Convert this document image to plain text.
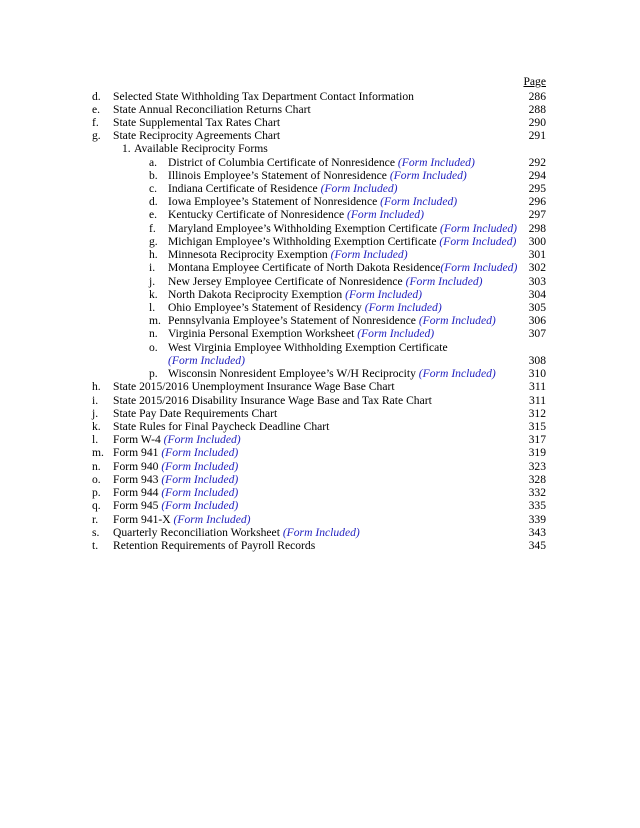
Page
d. Selected State Withholding Tax Department Contact Information	286
e. State Annual Reconciliation Returns Chart	288
f. State Supplemental Tax Rates Chart	290
g. State Reciprocity Agreements Chart	291
1. Available Reciprocity Forms
a. District of Columbia Certificate of Nonresidence (Form Included)	292
b. Illinois Employee’s Statement of Nonresidence (Form Included)	294
c. Indiana Certificate of Residence (Form Included)	295
d. Iowa Employee’s Statement of Nonresidence (Form Included)	296
e. Kentucky Certificate of Nonresidence (Form Included)	297
f. Maryland Employee’s Withholding Exemption Certificate (Form Included)	298
g. Michigan Employee’s Withholding Exemption Certificate (Form Included)	300
h. Minnesota Reciprocity Exemption (Form Included)	301
i. Montana Employee Certificate of North Dakota Residence(Form Included) 302
j. New Jersey Employee Certificate of Nonresidence (Form Included)	303
k. North Dakota Reciprocity Exemption (Form Included)	304
l. Ohio Employee’s Statement of Residency (Form Included)	305
m. Pennsylvania Employee’s Statement of Nonresidence (Form Included)	306
n. Virginia Personal Exemption Worksheet (Form Included)	307
o. West Virginia Employee Withholding Exemption Certificate
(Form Included)	308
p. Wisconsin Nonresident Employee’s W/H Reciprocity (Form Included)	310
h. State 2015/2016 Unemployment Insurance Wage Base Chart	311
i. State 2015/2016 Disability Insurance Wage Base and Tax Rate Chart	311
j. State Pay Date Requirements Chart	312
k. State Rules for Final Paycheck Deadline Chart	315
l. Form W-4 (Form Included)	317
m. Form 941 (Form Included)	319
n. Form 940 (Form Included)	323
o. Form 943 (Form Included)	328
p. Form 944 (Form Included)	332
q. Form 945 (Form Included)	335
r. Form 941-X (Form Included)	339
s. Quarterly Reconciliation Worksheet (Form Included)	343
t. Retention Requirements of Payroll Records	345
